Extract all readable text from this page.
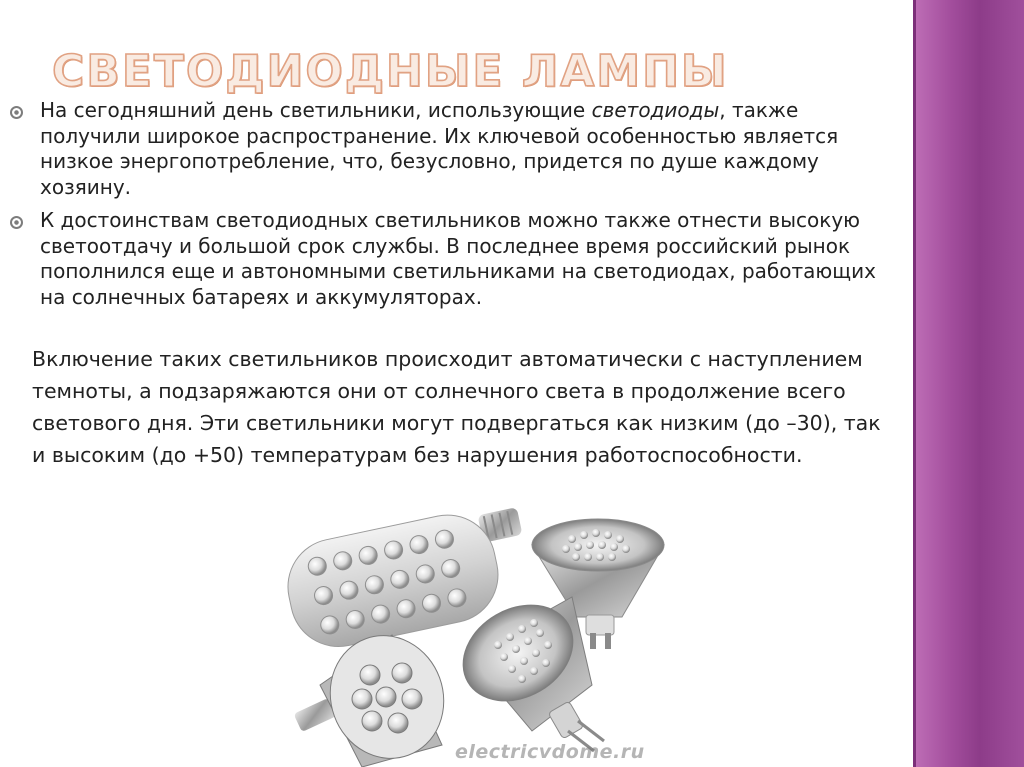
СВЕТОДИОДНЫЕ ЛАМПЫ
На сегодняшний день светильники, использующие светодиоды, также получили широкое распространение. Их ключевой особенностью является низкое энергопотребление, что, безусловно, придется по душе каждому хозяину.
К достоинствам светодиодных светильников можно также отнести высокую светоотдачу и большой срок службы. В последнее время российский рынок пополнился еще и автономными светильниками на светодиодах, работающих на солнечных батареях и аккумуляторах.

Включение таких светильников происходит автоматически с наступлением темноты, а подзаряжаются они от солнечного света в продолжение всего светового дня. Эти светильники могут подвергаться как низким (до –30), так и высоким (до +50) температурам без нарушения работоспособности.

electricvdome.ru
